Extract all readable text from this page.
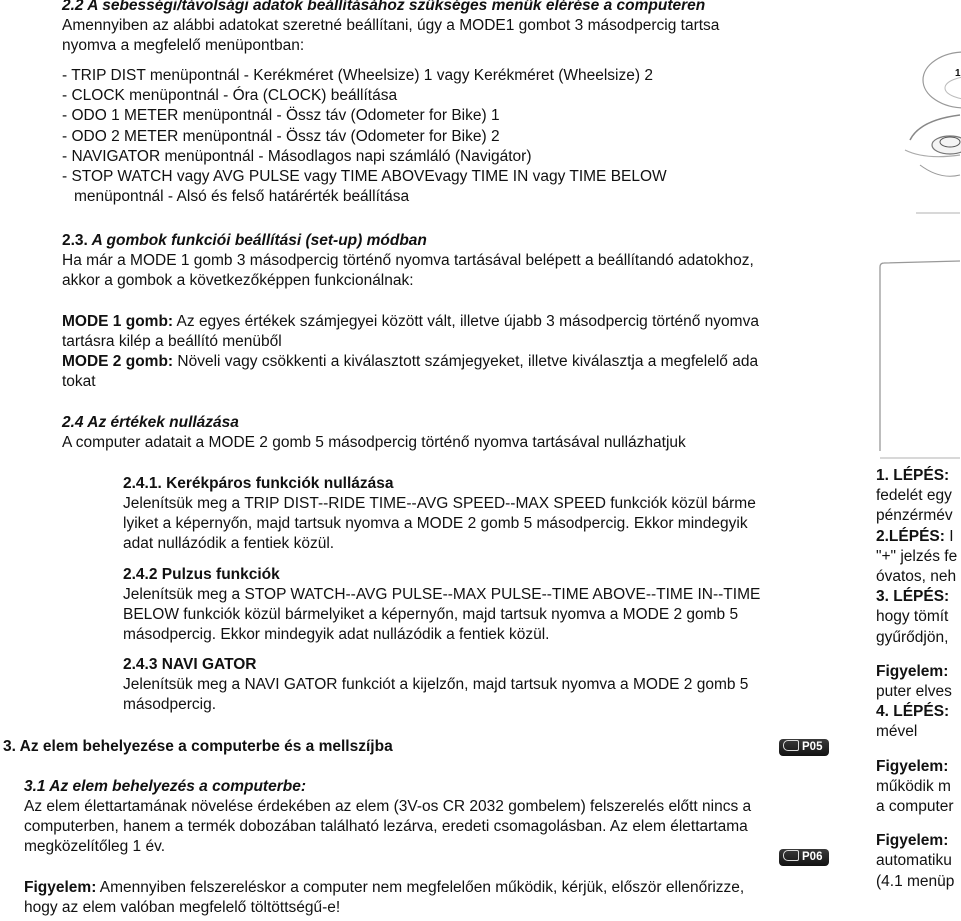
2.2 A sebességi/távolsági adatok beállításához szükséges menük elérése a computeren
Amennyiben az alábbi adatokat szeretné beállítani, úgy a MODE1 gombot 3 másodpercig tartsa
nyomva a megfelelő menüpontban:
- TRIP DIST menüpontnál - Kerékméret (Wheelsize) 1 vagy Kerékméret (Wheelsize) 2
- CLOCK menüpontnál - Óra (CLOCK) beállítása
- ODO 1 METER menüpontnál - Össz táv (Odometer for Bike) 1
- ODO 2 METER menüpontnál - Össz táv (Odometer for Bike) 2
- NAVIGATOR menüpontnál - Másodlagos napi számláló (Navigátor)
- STOP WATCH vagy AVG PULSE vagy TIME ABOVEvagy TIME IN vagy TIME BELOW
menüpontnál - Alsó és felső határérték beállítása
2.3. A gombok funkciói beállítási (set-up) módban
Ha már a MODE 1 gomb 3 másodpercig történő nyomva tartásával belépett a beállítandó adatokhoz,
akkor a gombok a következőképpen funkcionálnak:
MODE 1 gomb: Az egyes értékek számjegyei között vált, illetve újabb 3 másodpercig történő nyomva
tartásra kilép a beállító menüből
MODE 2 gomb: Növeli vagy csökkenti a kiválasztott számjegyeket, illetve kiválasztja a megfelelő ada
tokat
2.4 Az értékek nullázása
A computer adatait a MODE 2 gomb 5 másodpercig történő nyomva tartásával nullázhatjuk
2.4.1. Kerékpáros funkciók nullázása
Jelenítsük meg a TRIP DIST--RIDE TIME--AVG SPEED--MAX SPEED funkciók közül bárme
lyiket a képernyőn, majd tartsuk nyomva a MODE 2 gomb 5 másodpercig. Ekkor mindegyik
adat nullázódik a fentiek közül.
2.4.2 Pulzus funkciók
Jelenítsük meg a STOP WATCH--AVG PULSE--MAX PULSE--TIME ABOVE--TIME IN--TIME
BELOW funkciók közül bármelyiket a képernyőn, majd tartsuk nyomva a MODE 2 gomb 5
másodpercig. Ekkor mindegyik adat nullázódik a fentiek közül.
2.4.3 NAVI GATOR
Jelenítsük meg a NAVI GATOR funkciót a kijelzőn, majd tartsuk nyomva a MODE 2 gomb 5
másodpercig.
3. Az elem behelyezése a computerbe és a mellszíjba	P05
3.1 Az elem behelyezés a computerbe:
Az elem élettartamának növelése érdekében az elem (3V-os CR 2032 gombelem) felszerelés előtt nincs a
computerben, hanem a termék dobozában található lezárva, eredeti csomagolásban. Az elem élettartama
megközelítőleg 1 év.
P06
Figyelem: Amennyiben felszereléskor a computer nem megfelelően működik, kérjük, először ellenőrizze,
hogy az elem valóban megfelelő töltöttségű-e!
1
1. LÉPÉS:
fedelét egy
pénzérmév
2.LÉPÉS: I
"+" jelzés fe
óvatos, neh
3. LÉPÉS:
hogy tömít
gyűrődjön,
Figyelem:
puter elves
4. LÉPÉS:
mével
Figyelem:
működik m
a computer
Figyelem:
automatiku
(4.1 menüp
